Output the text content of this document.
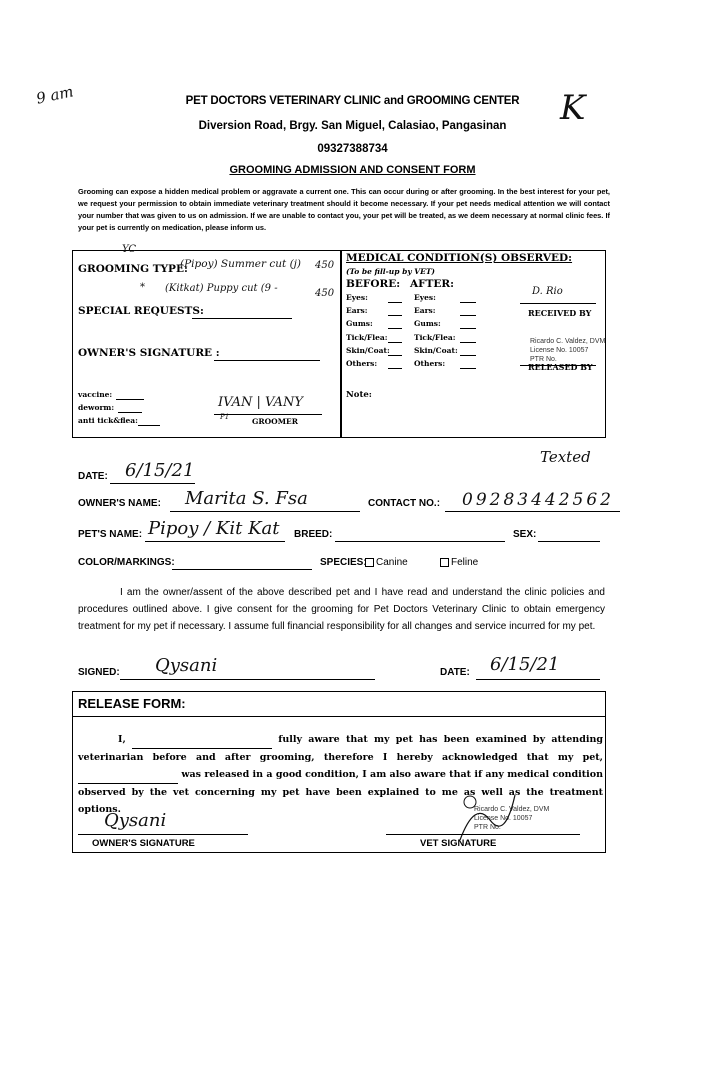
9 am	K
PET DOCTORS VETERINARY CLINIC and GROOMING CENTER
Diversion Road, Brgy. San Miguel, Calasiao, Pangasinan
09327388734
GROOMING ADMISSION AND CONSENT FORM
Grooming can expose a hidden medical problem or aggravate a current one. This can occur during or after grooming. In the best interest for your pet, we request your permission to obtain immediate veterinary treatment should it become necessary. If your pet needs medical attention we will contact your number that was given to us on admission. If we are unable to contact you, your pet will be treated, as we deem necessary at normal clinic fees. If your pet is currently on medication, please inform us.
YC
GROOMING TYPE:
(Pipoy) Summer cut (j) 450
* (Kitkat) Puppy cut (9 -	450
SPECIAL REQUESTS:
OWNER'S SIGNATURE :
vaccine:
deworm:
anti tick&flea:
IVAN | VANY
P1	GROOMER
MEDICAL CONDITION(S) OBSERVED:
(To be fill-up by VET)
BEFORE: AFTER:
Eyes:	Eyes:
Ears:	Ears:
Gums:	Gums:
Tick/Flea:	Tick/Flea:
Skin/Coat:	Skin/Coat:
Others:	Others:
D. Rio
RECEIVED BY
Ricardo C. Valdez, DVM
License No. 10057
PTR No.
RELEASED BY
Note:
Texted
DATE: 6/15/21
OWNER'S NAME: Marita S. Fsa	CONTACT NO.: 09283442562
PET'S NAME: Pipoy / Kit Kat BREED:	SEX:
COLOR/MARKINGS:	SPECIES: Canine	Feline
I am the owner/assent of the above described pet and I have read and understand the clinic policies and procedures outlined above. I give consent for the grooming for Pet Doctors Veterinary Clinic to obtain emergency treatment for my pet if necessary. I assume full financial responsibility for all changes and service incurred for my pet.
SIGNED: Qysani	DATE: 6/15/21
RELEASE FORM:
I,	fully aware that my pet has been examined by attending veterinarian before and after grooming, therefore I hereby acknowledged that my pet,   was released in a good condition, I am also aware that if any medical condition observed by the vet concerning my pet have been explained to me as well as the treatment options.
Qysani
OWNER'S SIGNATURE
Ricardo C. Valdez, DVM
License No. 10057
PTR No.
VET SIGNATURE
